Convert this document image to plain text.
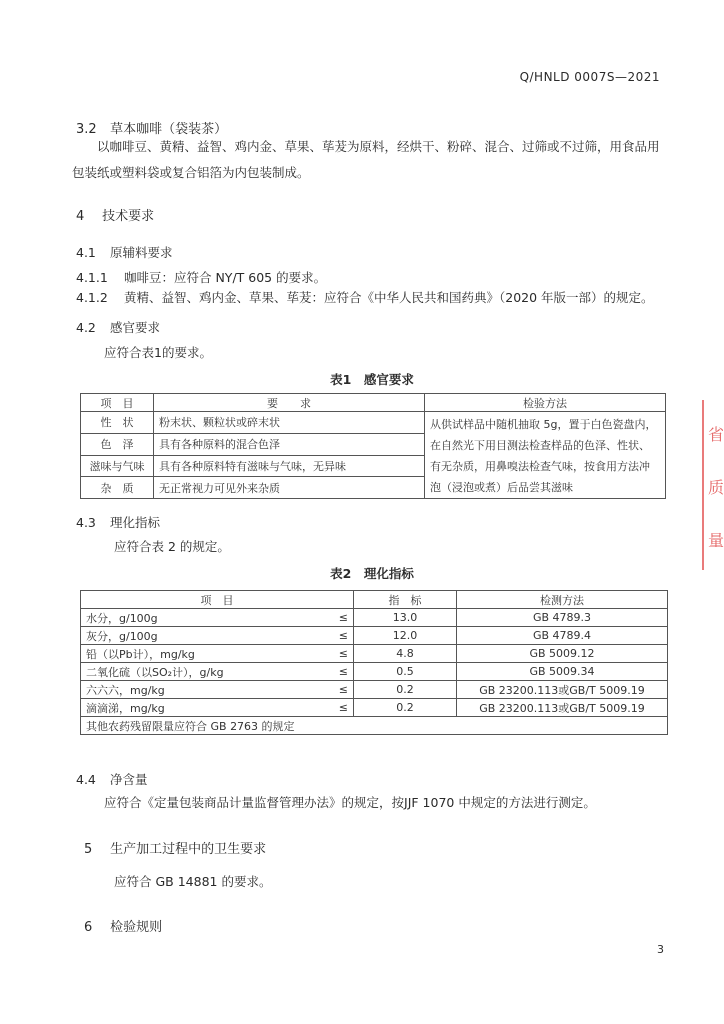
Q/HNLD 0007S—2021
3.2 草本咖啡（袋装茶）
以咖啡豆、黄精、益智、鸡内金、草果、荜茇为原料，经烘干、粉碎、混合、过筛或不过筛，用食品用包装纸或塑料袋或复合铝箔为内包装制成。
4 技术要求
4.1 原辅料要求
4.1.1 咖啡豆：应符合 NY/T 605 的要求。
4.1.2 黄精、益智、鸡内金、草果、荜茇：应符合《中华人民共和国药典》（2020 年版一部）的规定。
4.2 感官要求
应符合表1的要求。
表1　感官要求
项　目	要　　求	检验方法
性　状	粉末状、颗粒状或碎末状	从供试样品中随机抽取 5g，置于白色瓷盘内，在自然光下用目测法检查样品的色泽、性状、有无杂质，用鼻嗅法检查气味，按食用方法冲泡（浸泡或煮）后品尝其滋味
色　泽	具有各种原料的混合色泽	
滋味与气味	具有各种原料特有滋味与气味，无异味	
杂　质	无正常视力可见外来杂质	
4.3 理化指标
应符合表 2 的规定。
表2　理化指标
项　目		指　标	检测方法
水分，g/100g	≤	13.0	GB 4789.3
灰分，g/100g	≤	12.0	GB 4789.4
铅（以Pb计），mg/kg	≤	4.8	GB 5009.12
二氧化硫（以SO₂计），g/kg	≤	0.5	GB 5009.34
六六六，mg/kg	≤	0.2	GB 23200.113或GB/T 5009.19
滴滴涕，mg/kg	≤	0.2	GB 23200.113或GB/T 5009.19
其他农药残留限量应符合 GB 2763 的规定			
4.4 净含量
应符合《定量包装商品计量监督管理办法》的规定，按JJF 1070 中规定的方法进行测定。
5 生产加工过程中的卫生要求
应符合 GB 14881 的要求。
6 检验规则
省
质
量
3
